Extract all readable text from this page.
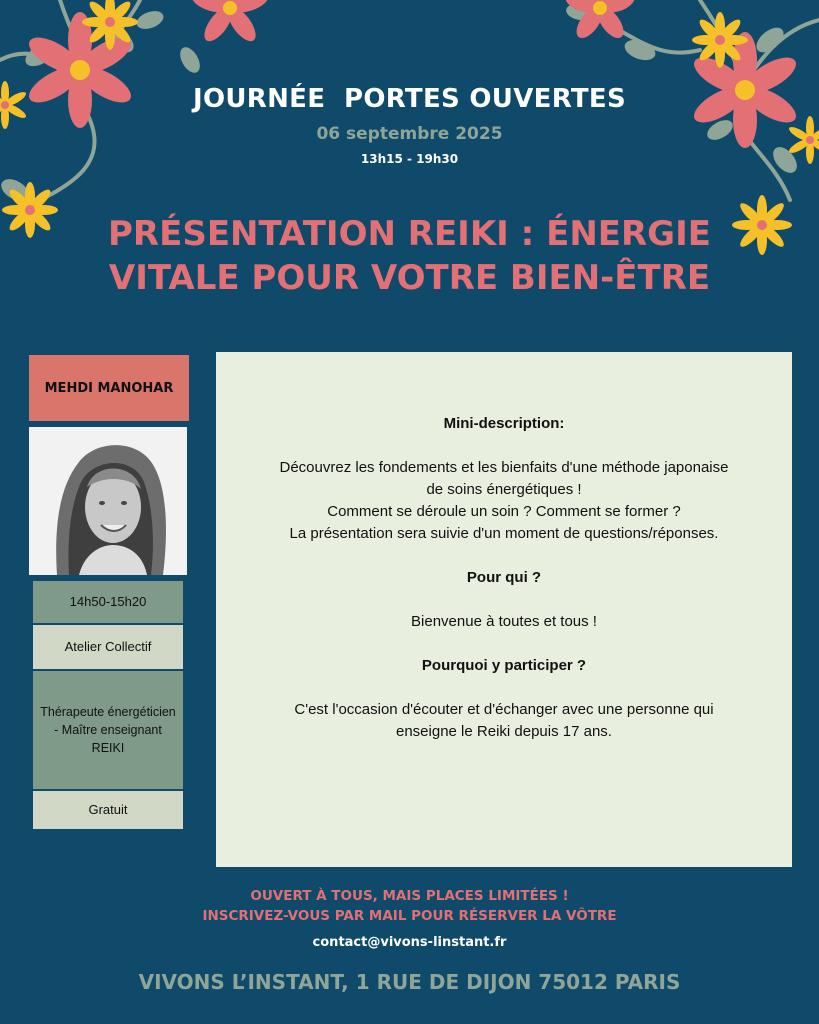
JOURNÉE  PORTES OUVERTES
06 septembre 2025
13h15 - 19h30
PRÉSENTATION REIKI : ÉNERGIE
VITALE POUR VOTRE BIEN-ÊTRE
MEHDI MANOHAR
14h50-15h20
Atelier Collectif
Thérapeute énergéticien - Maître enseignant REIKI
Gratuit
Mini-description:
Découvrez les fondements et les bienfaits d'une méthode japonaise
de soins énergétiques !
Comment se déroule un soin ? Comment se former ?
La présentation sera suivie d'un moment de questions/réponses.
Pour qui ?
Bienvenue à toutes et tous !
Pourquoi y participer ?
C'est l'occasion d'écouter et d'échanger avec une personne qui
enseigne le Reiki depuis 17 ans.
OUVERT À TOUS, MAIS PLACES LIMITÉES !
INSCRIVEZ-VOUS PAR MAIL POUR RÉSERVER LA VÔTRE
contact@vivons-linstant.fr
VIVONS L’INSTANT, 1 RUE DE DIJON 75012 PARIS
